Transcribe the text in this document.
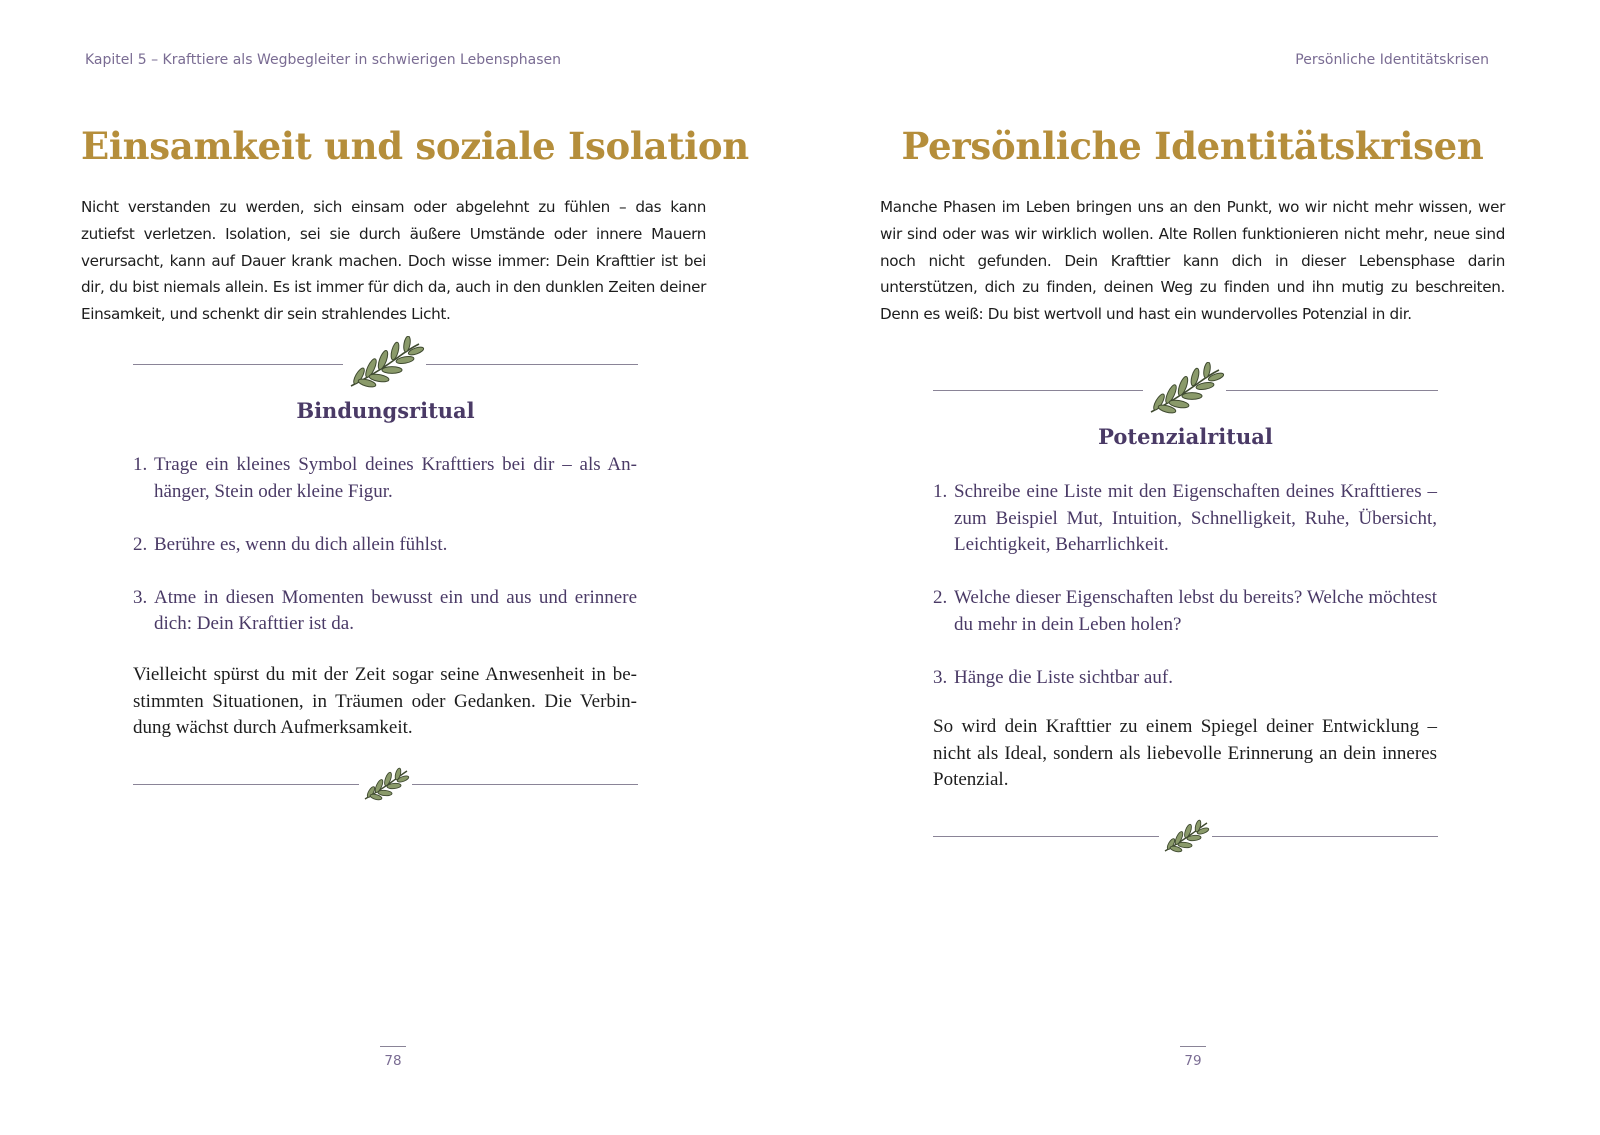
Kapitel 5 – Krafttiere als Wegbegleiter in schwierigen Lebensphasen
Einsamkeit und soziale Isolation

Nicht verstanden zu werden, sich einsam oder abgelehnt zu fühlen – das kann zutiefst verletzen. Isolation, sei sie durch äußere Umstände oder innere Mauern verursacht, kann auf Dauer krank machen. Doch wisse immer: Dein Krafttier ist bei dir, du bist niemals allein. Es ist immer für dich da, auch in den dunklen Zeiten deiner Einsamkeit, und schenkt dir sein strahlendes Licht.

Bindungsritual
1. Trage ein kleines Symbol deines Krafttiers bei dir – als Anhänger, Stein oder kleine Figur.
2. Berühre es, wenn du dich allein fühlst.
3. Atme in diesen Momenten bewusst ein und aus und erinnere dich: Dein Krafttier ist da.

Vielleicht spürst du mit der Zeit sogar seine Anwesenheit in bestimmten Situationen, in Träumen oder Gedanken. Die Verbindung wächst durch Aufmerksamkeit.

78
Persönliche Identitätskrisen
Persönliche Identitätskrisen

Manche Phasen im Leben bringen uns an den Punkt, wo wir nicht mehr wissen, wer wir sind oder was wir wirklich wollen. Alte Rollen funktionieren nicht mehr, neue sind noch nicht gefunden. Dein Krafttier kann dich in dieser Lebensphase darin unterstützen, dich zu finden, deinen Weg zu finden und ihn mutig zu beschreiten. Denn es weiß: Du bist wertvoll und hast ein wundervolles Potenzial in dir.

Potenzialritual
1. Schreibe eine Liste mit den Eigenschaften deines Krafttieres – zum Beispiel Mut, Intuition, Schnelligkeit, Ruhe, Übersicht, Leichtigkeit, Beharrlichkeit.
2. Welche dieser Eigenschaften lebst du bereits? Welche möchtest du mehr in dein Leben holen?
3. Hänge die Liste sichtbar auf.

So wird dein Krafttier zu einem Spiegel deiner Entwicklung – nicht als Ideal, sondern als liebevolle Erinnerung an dein inneres Potenzial.

79
